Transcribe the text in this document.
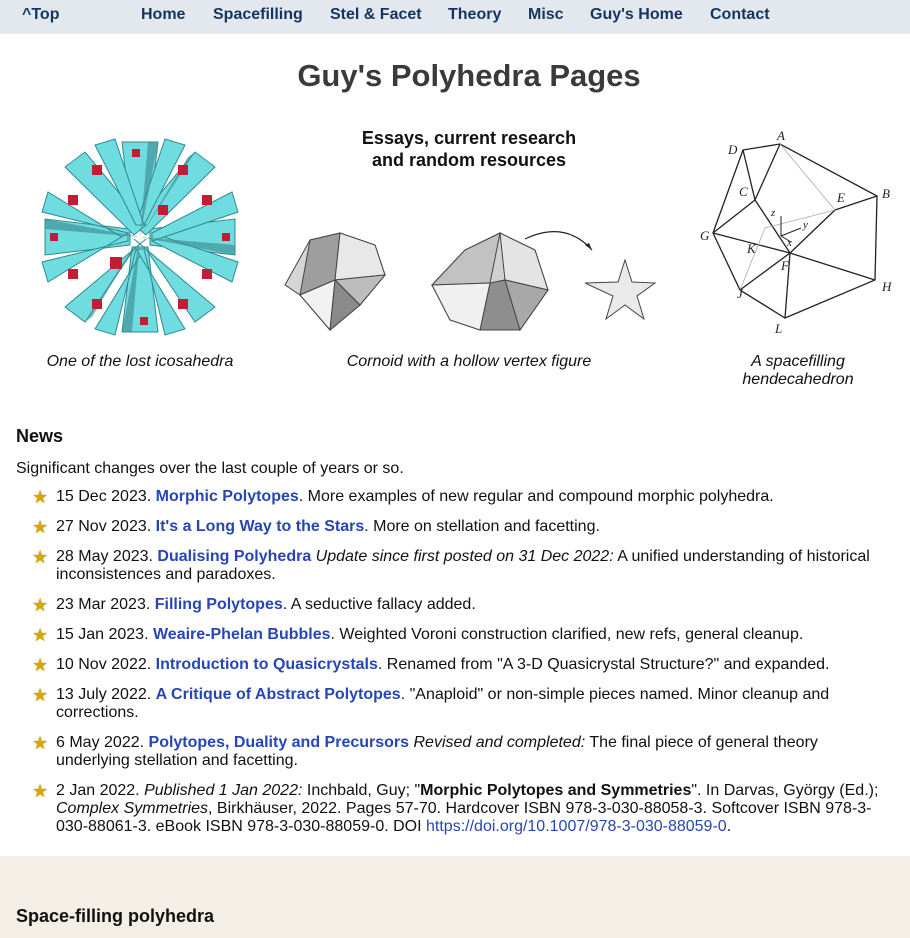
^Top	Home Spacefilling Stel & Facet Theory Misc Guy's Home Contact
Guy's Polyhedra Pages
Essays, current research
and random resources
A
B
C
D
E
F
G
H
J
K
L
x
y
z
One of the lost icosahedra	Cornoid with a hollow vertex figure	A spacefilling
hendecahedron
News
Significant changes over the last couple of years or so.
★ 15 Dec 2023. Morphic Polytopes. More examples of new regular and compound morphic polyhedra.
★ 27 Nov 2023. It's a Long Way to the Stars. More on stellation and facetting.
★ 28 May 2023. Dualising Polyhedra Update since first posted on 31 Dec 2022: A unified understanding of historical inconsistences and paradoxes.
★ 23 Mar 2023. Filling Polytopes. A seductive fallacy added.
★ 15 Jan 2023. Weaire-Phelan Bubbles. Weighted Voroni construction clarified, new refs, general cleanup.
★ 10 Nov 2022. Introduction to Quasicrystals. Renamed from "A 3-D Quasicrystal Structure?" and expanded.
★ 13 July 2022. A Critique of Abstract Polytopes. "Anaploid" or non-simple pieces named. Minor cleanup and corrections.
★ 6 May 2022. Polytopes, Duality and Precursors Revised and completed: The final piece of general theory underlying stellation and facetting.
★ 2 Jan 2022. Published 1 Jan 2022: Inchbald, Guy; "Morphic Polytopes and Symmetries". In Darvas, György (Ed.); Complex Symmetries, Birkhäuser, 2022. Pages 57-70. Hardcover ISBN 978-3-030-88058-3. Softcover ISBN 978-3-030-88061-3. eBook ISBN 978-3-030-88059-0. DOI https://doi.org/10.1007/978-3-030-88059-0.
Space-filling polyhedra
